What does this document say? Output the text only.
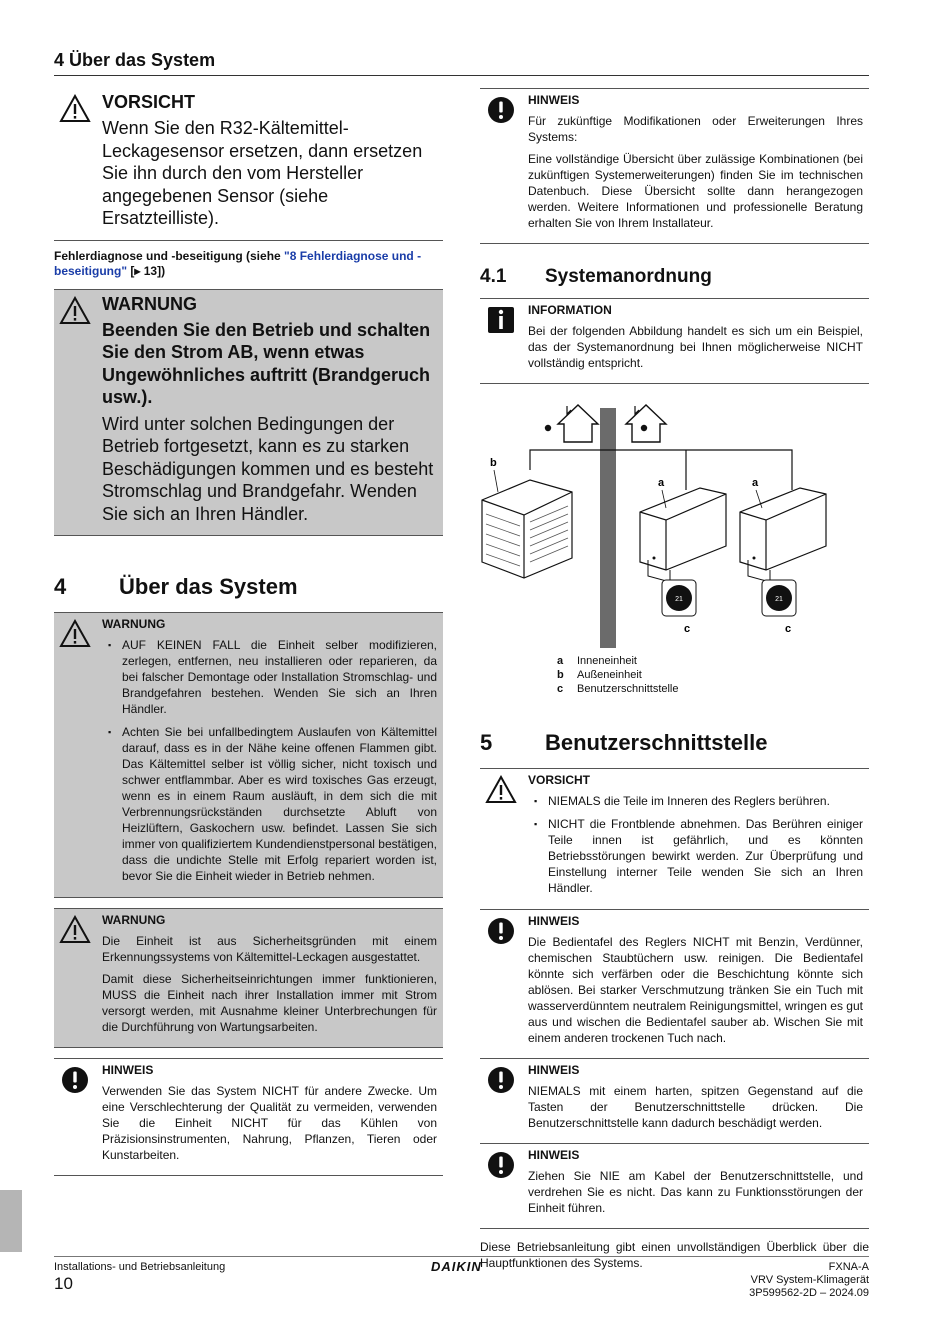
4 Über das System
VORSICHT

Wenn Sie den R32-Kältemittel-Leckagesensor ersetzen, dann ersetzen Sie ihn durch den vom Hersteller angegebenen Sensor (siehe Ersatzteilliste).

Fehlerdiagnose und -beseitigung (siehe "8 Fehlerdiagnose und -beseitigung" [▸ 13])
WARNUNG

Beenden Sie den Betrieb und schalten Sie den Strom AB, wenn etwas Ungewöhnliches auftritt (Brandgeruch usw.).

Wird unter solchen Bedingungen der Betrieb fortgesetzt, kann es zu starken Beschädigungen kommen und es besteht Stromschlag und Brandgefahr. Wenden Sie sich an Ihren Händler.

4	Über das System
WARNUNG
▪ AUF KEINEN FALL die Einheit selber modifizieren, zerlegen, entfernen, neu installieren oder reparieren, da bei falscher Demontage oder Installation Stromschlag- und Brandgefahren bestehen. Wenden Sie sich an Ihren Händler.
▪ Achten Sie bei unfallbedingtem Auslaufen von Kältemittel darauf, dass es in der Nähe keine offenen Flammen gibt. Das Kältemittel selber ist völlig sicher, nicht toxisch und schwer entflammbar. Aber es wird toxisches Gas erzeugt, wenn es in einem Raum ausläuft, in dem sich die mit Verbrennungsrückständen durchsetzte Abluft von Heizlüftern, Gaskochern usw. befindet. Lassen Sie sich immer von qualifiziertem Kundendienstpersonal bestätigen, dass die undichte Stelle mit Erfolg repariert worden ist, bevor Sie die Einheit wieder in Betrieb nehmen.
WARNUNG

Die Einheit ist aus Sicherheitsgründen mit einem Erkennungssystems von Kältemittel-Leckagen ausgestattet.

Damit diese Sicherheitseinrichtungen immer funktionieren, MUSS die Einheit nach ihrer Installation immer mit Strom versorgt werden, mit Ausnahme kleiner Unterbrechungen für die Durchführung von Wartungsarbeiten.

HINWEIS

Verwenden Sie das System NICHT für andere Zwecke. Um eine Verschlechterung der Qualität zu vermeiden, verwenden Sie die Einheit NICHT für das Kühlen von Präzisionsinstrumenten, Nahrung, Pflanzen, Tieren oder Kunstarbeiten.

HINWEIS

Für zukünftige Modifikationen oder Erweiterungen Ihres Systems:

Eine vollständige Übersicht über zulässige Kombinationen (bei zukünftigen Systemerweiterungen) finden Sie im technischen Datenbuch. Diese Übersicht sollte dann herangezogen werden. Weitere Informationen und professionelle Beratung erhalten Sie von Ihrem Installateur.

4.1	Systemanordnung
INFORMATION

Bei der folgenden Abbildung handelt es sich um ein Beispiel, das der Systemanordnung bei Ihnen möglicherweise NICHT vollständig entspricht.

b
a	a
21
c
21
c
a Inneneinheit
b Außeneinheit
c Benutzerschnittstelle
5	Benutzerschnittstelle
VORSICHT
▪ NIEMALS die Teile im Inneren des Reglers berühren.
▪ NICHT die Frontblende abnehmen. Das Berühren einiger Teile innen ist gefährlich, und es könnten Betriebsstörungen bewirkt werden. Zur Überprüfung und Einstellung interner Teile wenden Sie sich an Ihren Händler.
HINWEIS

Die Bedientafel des Reglers NICHT mit Benzin, Verdünner, chemischen Staubtüchern usw. reinigen. Die Bedientafel könnte sich verfärben oder die Beschichtung könnte sich ablösen. Bei starker Verschmutzung tränken Sie ein Tuch mit wasserverdünntem neutralem Reinigungsmittel, wringen es gut aus und wischen die Bedientafel sauber ab. Wischen Sie mit einem anderen trockenen Tuch nach.

HINWEIS

NIEMALS mit einem harten, spitzen Gegenstand auf die Tasten der Benutzerschnittstelle drücken. Die Benutzerschnittstelle kann dadurch beschädigt werden.

HINWEIS

Ziehen Sie NIE am Kabel der Benutzerschnittstelle, und verdrehen Sie es nicht. Das kann zu Funktionsstörungen der Einheit führen.

Diese Betriebsanleitung gibt einen unvollständigen Überblick über die Hauptfunktionen des Systems.

Installations- und Betriebsanleitung
10
DAIKIN	FXNA-A
VRV System-Klimagerät
3P599562-2D – 2024.09
